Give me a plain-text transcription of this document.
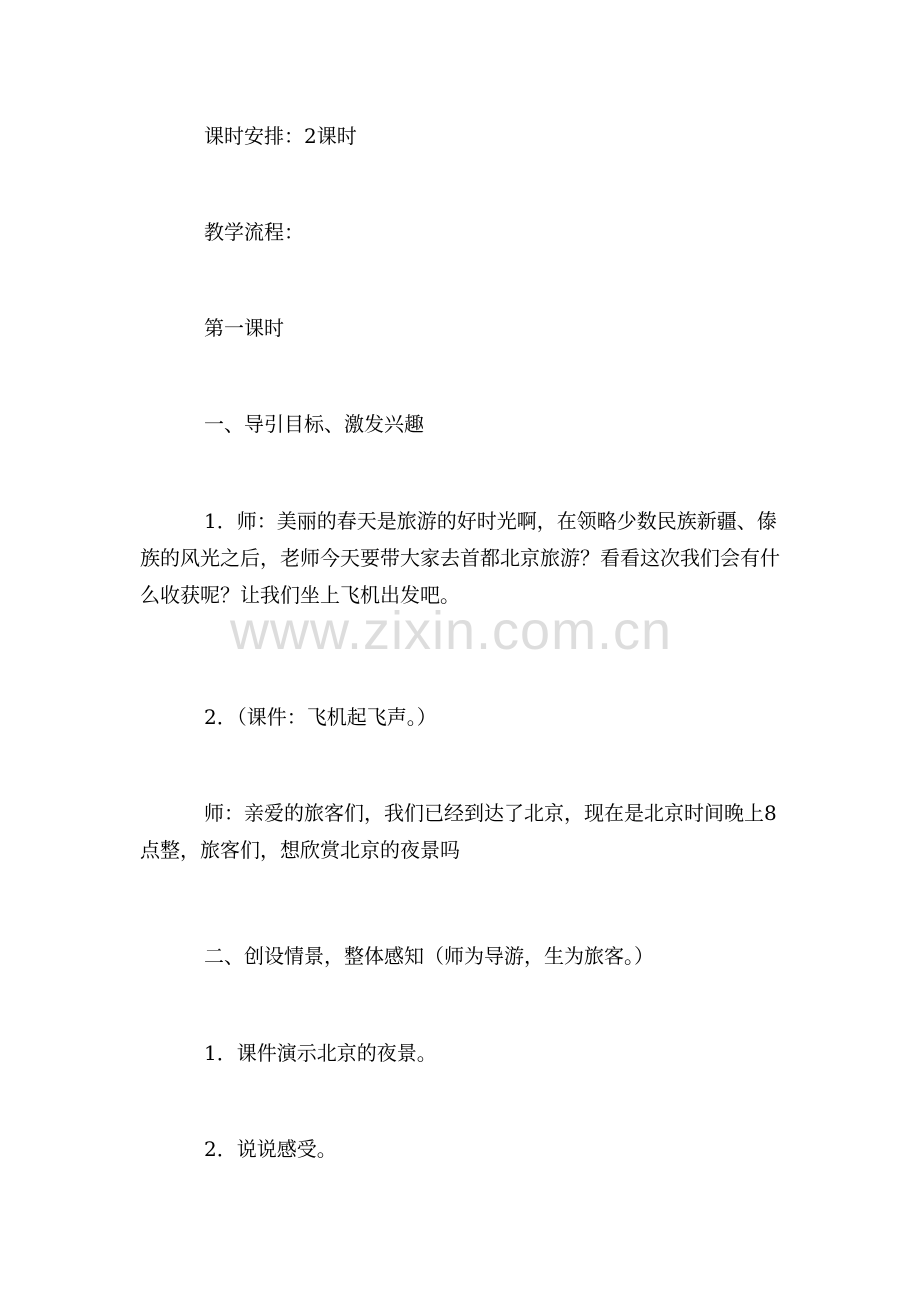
课时安排：2课时

教学流程：

第一课时

一、导引目标、激发兴趣

1．师：美丽的春天是旅游的好时光啊，在领略少数民族新疆、傣族的风光之后，老师今天要带大家去首都北京旅游？看看这次我们会有什么收获呢？让我们坐上飞机出发吧。

2．（课件：飞机起飞声。）

师：亲爱的旅客们，我们已经到达了北京，现在是北京时间晚上8点整，旅客们，想欣赏北京的夜景吗

二、创设情景，整体感知（师为导游，生为旅客。）

1．课件演示北京的夜景。

2．说说感受。

www.zixin.com.cn
